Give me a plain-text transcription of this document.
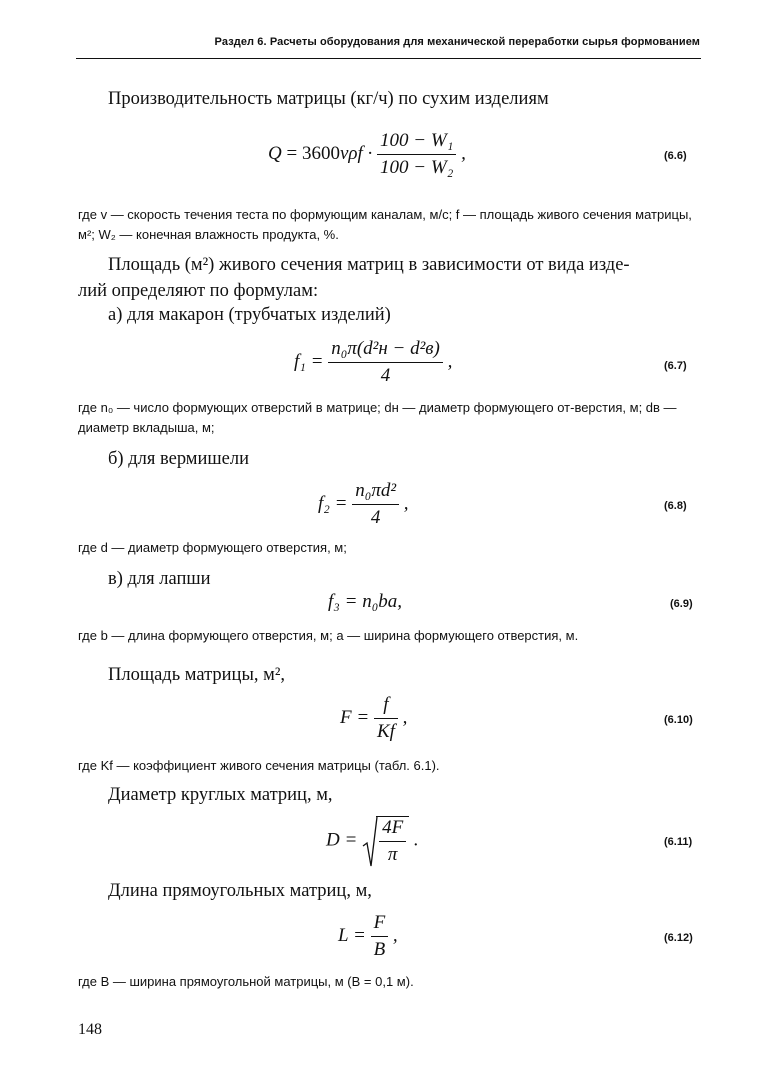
Раздел 6. Расчеты оборудования для механической переработки сырья формованием
Производительность матрицы (кг/ч) по сухим изделиям
$Q = 3600v\rho f \cdot \frac{\text{100 − W₁}}{\text{100 − W₂}}$ ,	(6.6)
где v — скорость течения теста по формующим каналам, м/с; f — площадь живого сечения матрицы, м²; W₂ — конечная влажность продукта, %.
Площадь (м²) живого сечения матриц в зависимости от вида изде-
лий определяют по формулам:
а) для макарон (трубчатых изделий)
$f_1 = \frac{\text{n₀π(d²н − d²в)}}{4}$ ,	(6.7)
где n₀ — число формующих отверстий в матрице; dн — диаметр формующего от-верстия, м; dв — диаметр вкладыша, м;
б) для вермишели
$f_2 = \frac{\text{n₀πd²}}{4}$ ,	(6.8)
где d — диаметр формующего отверстия, м;
в) для лапши
f₃ = n₀ba,	(6.9)
где b — длина формующего отверстия, м; a — ширина формующего отверстия, м.
Площадь матрицы, м²,
$F = \frac{f}{Kf}$ ,	(6.10)
где Kf — коэффициент живого сечения матрицы (табл. 6.1).
Диаметр круглых матриц, м,
$D = \frac{4F}{\pi}$ .	(6.11)
Длина прямоугольных матриц, м,
$L = \frac{F}{B}$ ,	(6.12)
где B — ширина прямоугольной матрицы, м (B = 0,1 м).
148
